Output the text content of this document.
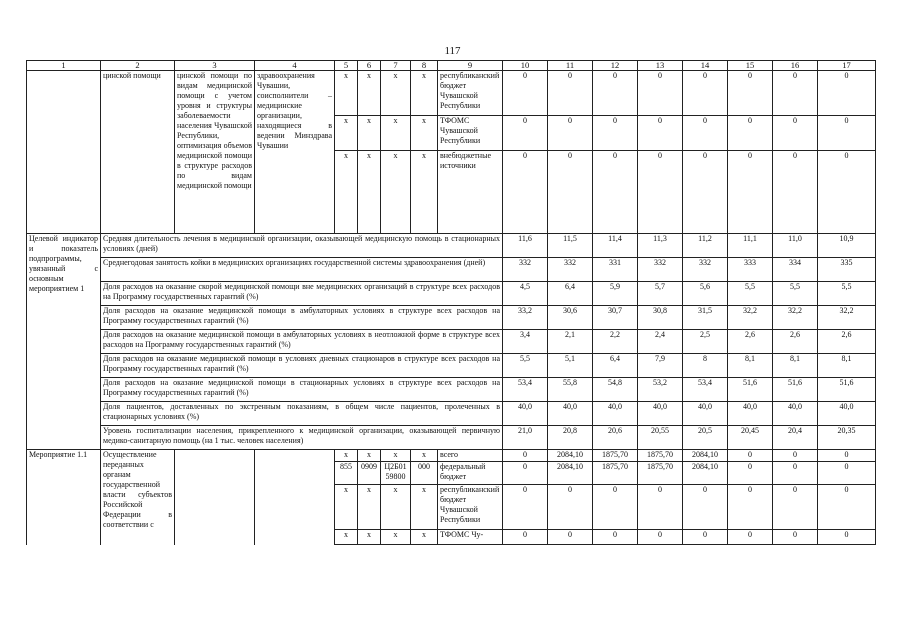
117
1	2	3	4	5	6	7	8	9	10	11	12	13	14	15	16	17
	цинской помощи	цинской помощи по видам медицинской помощи с учетом уровня и структуры заболеваемости населения Чувашской Республики, оптимизация объемов медицинской помощи в структуре расходов по видам медицинской помощи	здравоохранения Чувашии, соисполнители – медицинские организации, находящиеся в ведении Минздрава Чувашии	x	x	x	x	республиканский бюджет Чувашской Республики	0	0	0	0	0	0	0	0
				x	x	x	x	ТФОМС Чувашской Республики	0	0	0	0	0	0	0	0
				x	x	x	x	внебюджетные источники	0	0	0	0	0	0	0	0
Целевой индикатор и показатель подпрограммы, увязанный с основным мероприятием 1	Средняя длительность лечения в медицинской организации, оказывающей медицинскую помощь в стационарных условиях (дней)								11,6	11,5	11,4	11,3	11,2	11,1	11,0	10,9
	Среднегодовая занятость койки в медицинских организациях государственной системы здравоохранения (дней)								332	332	331	332	332	333	334	335
	Доля расходов на оказание скорой медицинской помощи вне медицинских организаций в структуре всех расходов на Программу государственных гарантий (%)								4,5	6,4	5,9	5,7	5,6	5,5	5,5	5,5
	Доля расходов на оказание медицинской помощи в амбулаторных условиях в структуре всех расходов на Программу государственных гарантий (%)								33,2	30,6	30,7	30,8	31,5	32,2	32,2	32,2
	Доля расходов на оказание медицинской помощи в амбулаторных условиях в неотложной форме в структуре всех расходов на Программу государственных гарантий (%)								3,4	2,1	2,2	2,4	2,5	2,6	2,6	2,6
	Доля расходов на оказание медицинской помощи в условиях дневных стационаров в структуре всех расходов на Программу государственных гарантий (%)								5,5	5,1	6,4	7,9	8	8,1	8,1	8,1
	Доля расходов на оказание медицинской помощи в стационарных условиях в структуре всех расходов на Программу государственных гарантий (%)								53,4	55,8	54,8	53,2	53,4	51,6	51,6	51,6
	Доля пациентов, доставленных по экстренным показаниям, в общем числе пациентов, пролеченных в стационарных условиях (%)								40,0	40,0	40,0	40,0	40,0	40,0	40,0	40,0
	Уровень госпитализации населения, прикрепленного к медицинской организации, оказывающей первичную медико-санитарную помощь (на 1 тыс. человек населения)								21,0	20,8	20,6	20,55	20,5	20,45	20,4	20,35
Мероприятие 1.1	Осуществление переданных органам государственной власти субъектов Российской Федерации в соответствии с			x	x	x	x	всего	0	2084,10	1875,70	1875,70	2084,10	0	0	0
				855	0909	Ц2Б01 59800	000	федеральный бюджет	0	2084,10	1875,70	1875,70	2084,10	0	0	0
				x	x	x	x	республиканский бюджет Чувашской Республики	0	0	0	0	0	0	0	0
				x	x	x	x	ТФОМС Чу-	0	0	0	0	0	0	0	0
